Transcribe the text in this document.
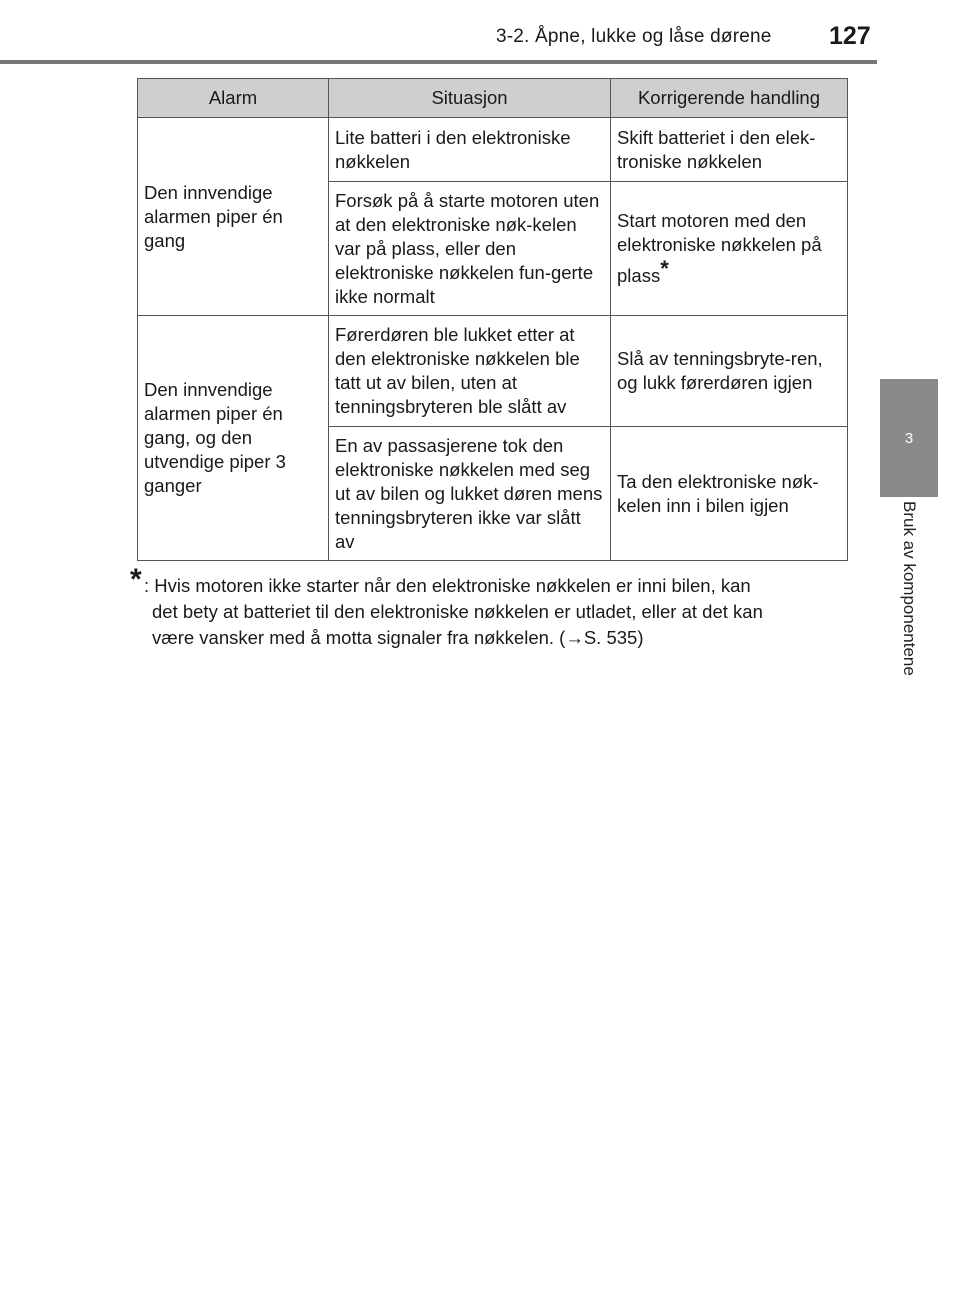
3-2. Åpne, lukke og låse dørene 127
3
Bruk av komponentene
Alarm	Situasjon	Korrigerende handling
Den innvendige alarmen piper én gang	Lite batteri i den elektroniske nøkkelen	Skift batteriet i den elek-troniske nøkkelen
	Forsøk på å starte motoren uten at den elektroniske nøk-kelen var på plass, eller den elektroniske nøkkelen fun-gerte ikke normalt	Start motoren med den elektroniske nøkkelen på plass*
Den innvendige alarmen piper én gang, og den utvendige piper 3 ganger	Førerdøren ble lukket etter at den elektroniske nøkkelen ble tatt ut av bilen, uten at tenningsbryteren ble slått av	Slå av tenningsbryte-ren, og lukk førerdøren igjen
	En av passasjerene tok den elektroniske nøkkelen med seg ut av bilen og lukket døren mens tenningsbryteren ikke var slått av	Ta den elektroniske nøk-kelen inn i bilen igjen
* : Hvis motoren ikke starter når den elektroniske nøkkelen er inni bilen, kan
det bety at batteriet til den elektroniske nøkkelen er utladet, eller at det kan
være vansker med å motta signaler fra nøkkelen. (→S. 535)
